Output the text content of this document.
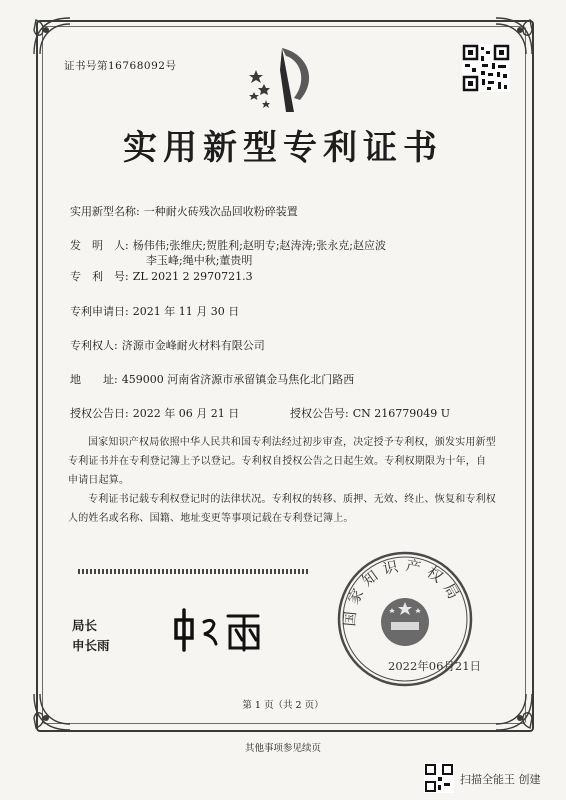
证书号第16768092号
实用新型专利证书
实用新型名称: 一种耐火砖残次品回收粉碎装置
发　明　人: 杨伟伟;张维庆;贺胜利;赵明专;赵涛涛;张永克;赵应波
李玉峰;绳中秋;董贵明
专　利　号: ZL 2021 2 2970721.3
专利申请日: 2021 年 11 月 30 日
专利权人: 济源市金峰耐火材料有限公司
地　　址: 459000 河南省济源市承留镇金马焦化北门路西
授权公告日: 2022 年 06 月 21 日	授权公告号: CN 216779049 U
国家知识产权局依照中华人民共和国专利法经过初步审查，决定授予专利权，颁发实用新型专利证书并在专利登记簿上予以登记。专利权自授权公告之日起生效。专利权期限为十年，自申请日起算。
专利证书记载专利权登记时的法律状况。专利权的转移、质押、无效、终止、恢复和专利权人的姓名或名称、国籍、地址变更等事项记载在专利登记簿上。
局长
申长雨
国家知识产权局
2022年06月21日
第 1 页（共 2 页）
其他事项参见续页
扫描全能王 创建
